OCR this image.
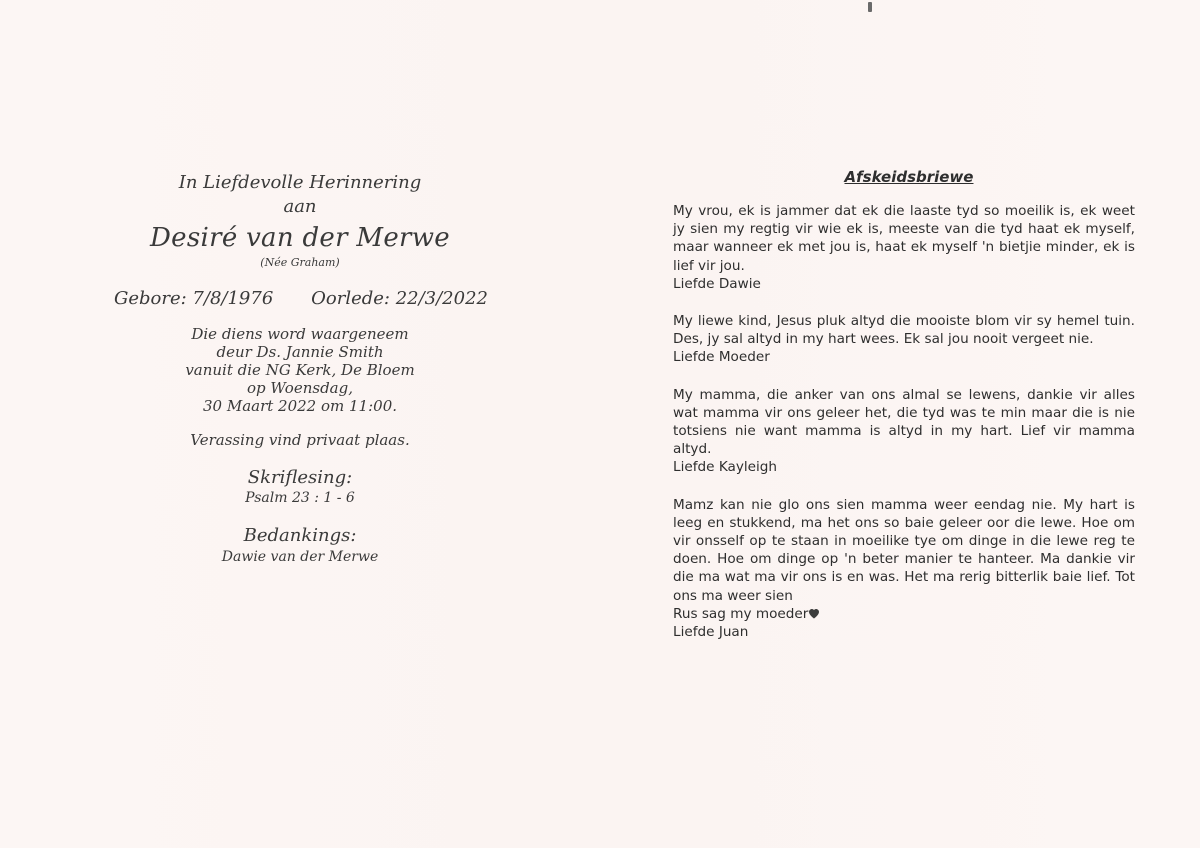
In Liefdevolle Herinnering
aan
Desiré van der Merwe
(Née Graham)
Gebore: 7/8/1976 Oorlede: 22/3/2022
Die diens word waargeneem
deur Ds. Jannie Smith
vanuit die NG Kerk, De Bloem
op Woensdag,
30 Maart 2022 om 11:00.
Verassing vind privaat plaas.
Skriflesing:
Psalm 23 : 1 - 6
Bedankings:
Dawie van der Merwe
Afskeidsbriewe
My vrou, ek is jammer dat ek die laaste tyd so moeilik is, ek weet jy sien my regtig vir wie ek is, meeste van die tyd haat ek myself, maar wanneer ek met jou is, haat ek myself 'n bietjie minder, ek is lief vir jou.
Liefde Dawie
My liewe kind, Jesus pluk altyd die mooiste blom vir sy hemel tuin. Des, jy sal altyd in my hart wees. Ek sal jou nooit vergeet nie.
Liefde Moeder
My mamma, die anker van ons almal se lewens, dankie vir alles wat mamma vir ons geleer het, die tyd was te min maar die is nie totsiens nie want mamma is altyd in my hart. Lief vir mamma altyd.
Liefde Kayleigh
Mamz kan nie glo ons sien mamma weer eendag nie. My hart is leeg en stukkend, ma het ons so baie geleer oor die lewe. Hoe om vir onsself op te staan in moeilike tye om dinge in die lewe reg te doen. Hoe om dinge op 'n beter manier te hanteer. Ma dankie vir die ma wat ma vir ons is en was. Het ma rerig bitterlik baie lief. Tot ons ma weer sien
Rus sag my moeder
Liefde Juan
